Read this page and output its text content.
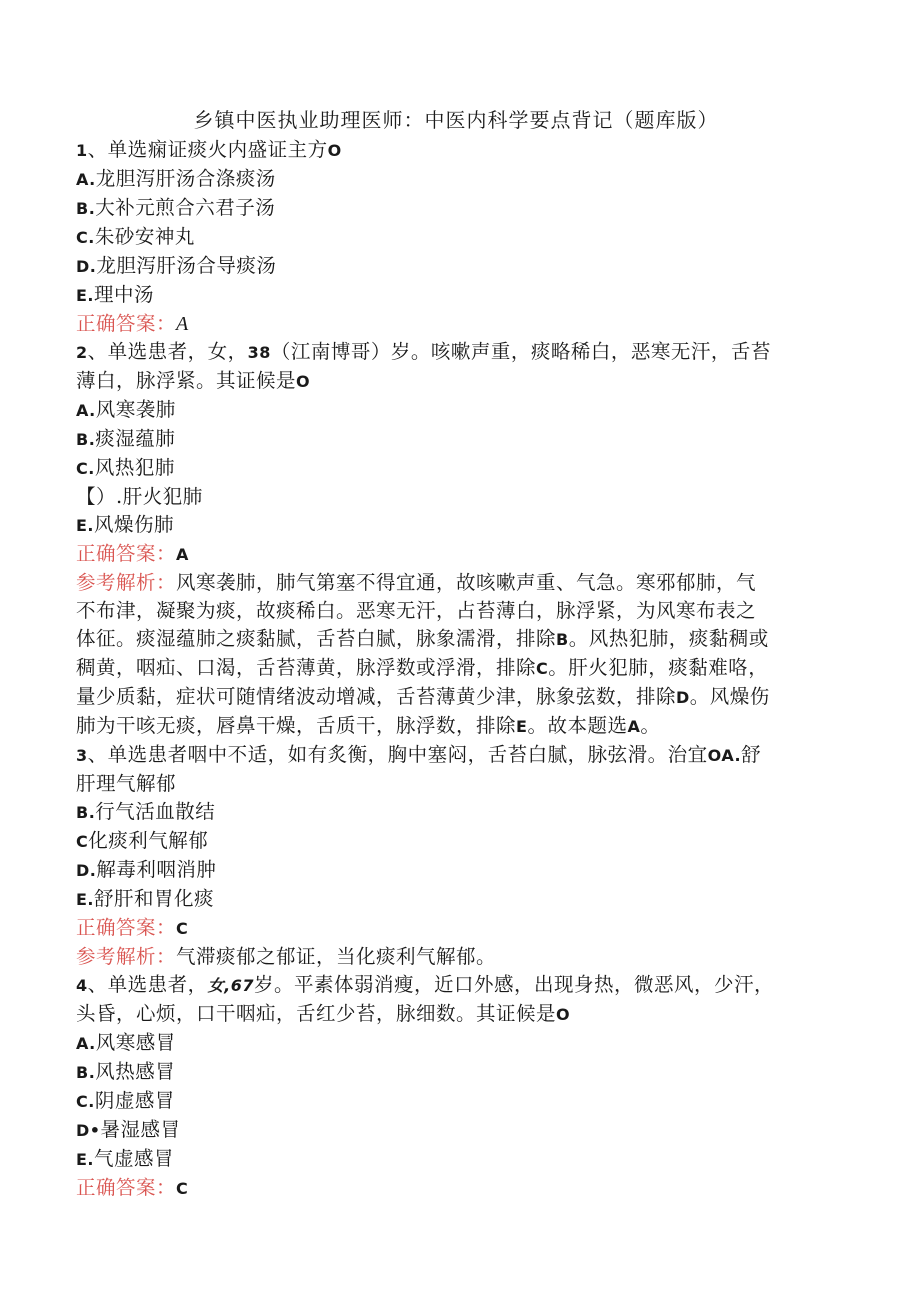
乡镇中医执业助理医师：中医内科学要点背记（题库版）
1、单选痫证痰火内盛证主方O
A.龙胆泻肝汤合涤痰汤
B.大补元煎合六君子汤
C.朱砂安神丸
D.龙胆泻肝汤合导痰汤
E.理中汤
正确答案：A
2、单选患者，女，38（江南博哥）岁。咳嗽声重，痰略稀白，恶寒无汗，舌苔
薄白，脉浮紧。其证候是O
A.风寒袭肺
B.痰湿蕴肺
C.风热犯肺
【）.肝火犯肺
E.风燥伤肺
正确答案：A
参考解析：风寒袭肺，肺气第塞不得宜通，故咳嗽声重、气急。寒邪郁肺，气
不布津，凝聚为痰，故痰稀白。恶寒无汗，占苔薄白，脉浮紧，为风寒布表之
体征。痰湿蕴肺之痰黏腻，舌苔白腻，脉象濡滑，排除B。风热犯肺，痰黏稠或
稠黄，咽疝、口渴，舌苔薄黄，脉浮数或浮滑，排除C。肝火犯肺，痰黏难咯，
量少质黏，症状可随情绪波动增减，舌苔薄黄少津，脉象弦数，排除D。风燥伤
肺为干咳无痰，唇鼻干燥，舌质干，脉浮数，排除E。故本题选A。
3、单选患者咽中不适，如有炙衡，胸中塞闷，舌苔白腻，脉弦滑。治宜OA.舒
肝理气解郁
B.行气活血散结
C化痰利气解郁
D.解毒利咽消肿
E.舒肝和胃化痰
正确答案：C
参考解析：气滞痰郁之郁证，当化痰利气解郁。
4、单选患者，女,67岁。平素体弱消瘦，近口外感，出现身热，微恶风，少汗，
头昏，心烦，口干咽疝，舌红少苔，脉细数。其证候是O
A.风寒感冒
B.风热感冒
C.阴虚感冒
D•暑湿感冒
E.气虚感冒
正确答案：C
